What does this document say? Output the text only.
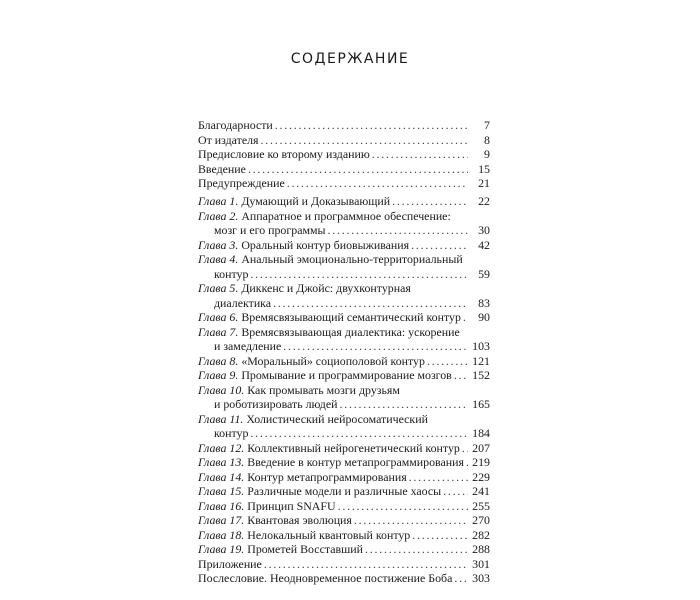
СОДЕРЖАНИЕ
Благодарности . . .	7
От издателя . . .	8
Предисловие ко второму изданию . . .	9
Введение . . .	15
Предупреждение . . .	21
Глава 1. Думающий и Доказывающий . . .	22
Глава 2. Аппаратное и программное обеспечение:
мозг и его программы . . .	30
Глава 3. Оральный контур биовыживания . . .	42
Глава 4. Анальный эмоционально-территориальный
контур . . .	59
Глава 5. Диккенс и Джойс: двухконтурная
диалектика . . .	83
Глава 6. Времясвязывающий семантический контур . . .	90
Глава 7. Времясвязывающая диалектика: ускорение
и замедление . . .	103
Глава 8. «Моральный» социополовой контур . . .	121
Глава 9. Промывание и программирование мозгов . . . 152
Глава 10. Как промывать мозги друзьям
и роботизировать людей . . .	165
Глава 11. Холистический нейросоматический
контур . . .	184
Глава 12. Коллективный нейрогенетический контур . . . 207
Глава 13. Введение в контур метапрограммирования . . . 219
Глава 14. Контур метапрограммирования . . .	229
Глава 15. Различные модели и различные хаосы . . .	241
Глава 16. Принцип SNAFU . . .	255
Глава 17. Квантовая эволюция . . .	270
Глава 18. Нелокальный квантовый контур . . .	282
Глава 19. Прометей Восставший . . .	288
Приложение . . .	301
Послесловие. Неодновременное постижение Боба . . . 303
